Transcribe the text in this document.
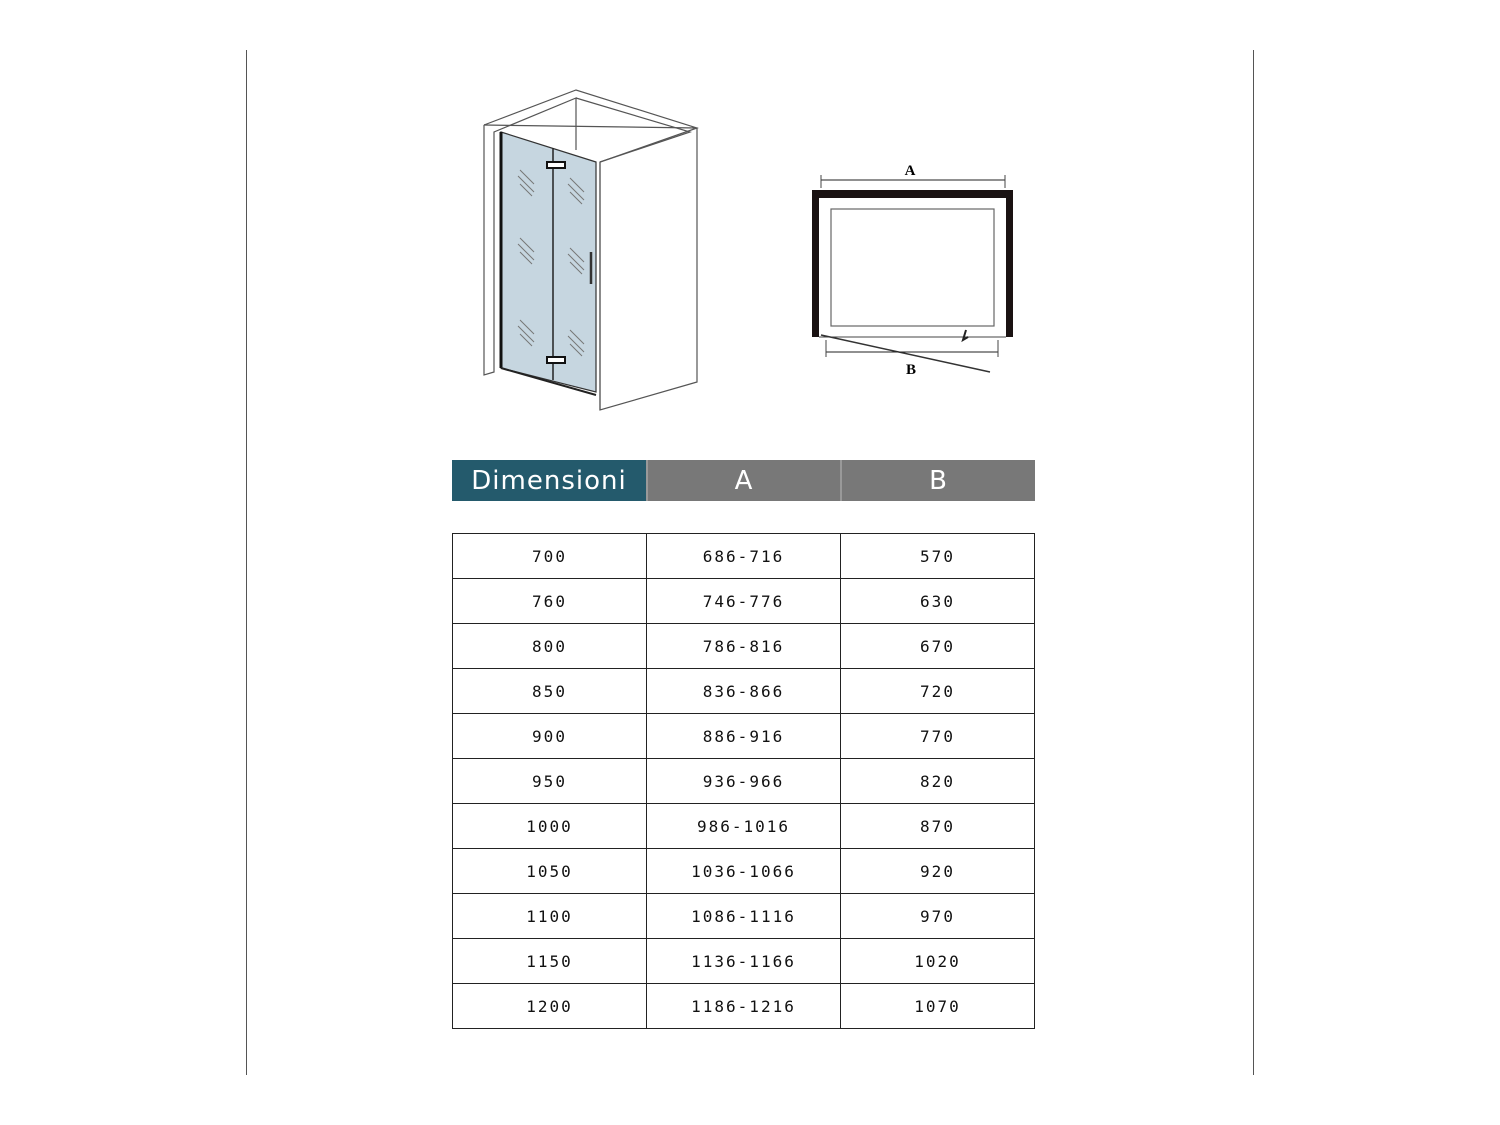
A
B
Dimensioni	A	B
700	686-716	570
760	746-776	630
800	786-816	670
850	836-866	720
900	886-916	770
950	936-966	820
1000	986-1016	870
1050	1036-1066	920
1100	1086-1116	970
1150	1136-1166	1020
1200	1186-1216	1070
